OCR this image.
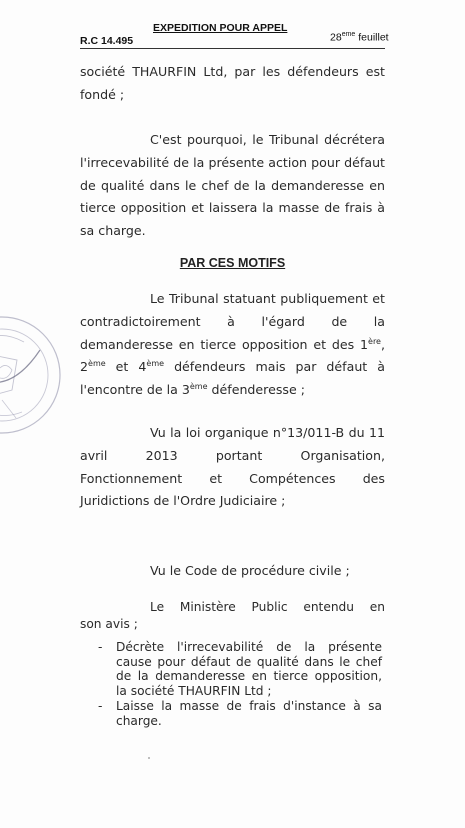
EXPEDITION POUR APPEL
R.C 14.495	28eme feuillet

société THAURFIN Ltd, par les défendeurs est fondé ;

C'est pourquoi, le Tribunal décrétera l'irrecevabilité de la présente action pour défaut de qualité dans le chef de la demanderesse en tierce opposition et laissera la masse de frais à sa charge.

PAR CES MOTIFS

Le Tribunal statuant publiquement et contradictoirement à l'égard de la demanderesse en tierce opposition et des 1ère, 2ème et 4ème défendeurs mais par défaut à l'encontre de la 3ème défenderesse ;

Vu la loi organique n°13/011-B du 11 avril 2013 portant Organisation, Fonctionnement et Compétences des Juridictions de l'Ordre Judiciaire ;

Vu le Code de procédure civile ;

Le Ministère Public entendu en

son avis ;

- Décrète l'irrecevabilité de la présente cause pour défaut de qualité dans le chef de la demanderesse en tierce opposition, la société THAURFIN Ltd ;
- Laisse la masse de frais d'instance à sa charge.
